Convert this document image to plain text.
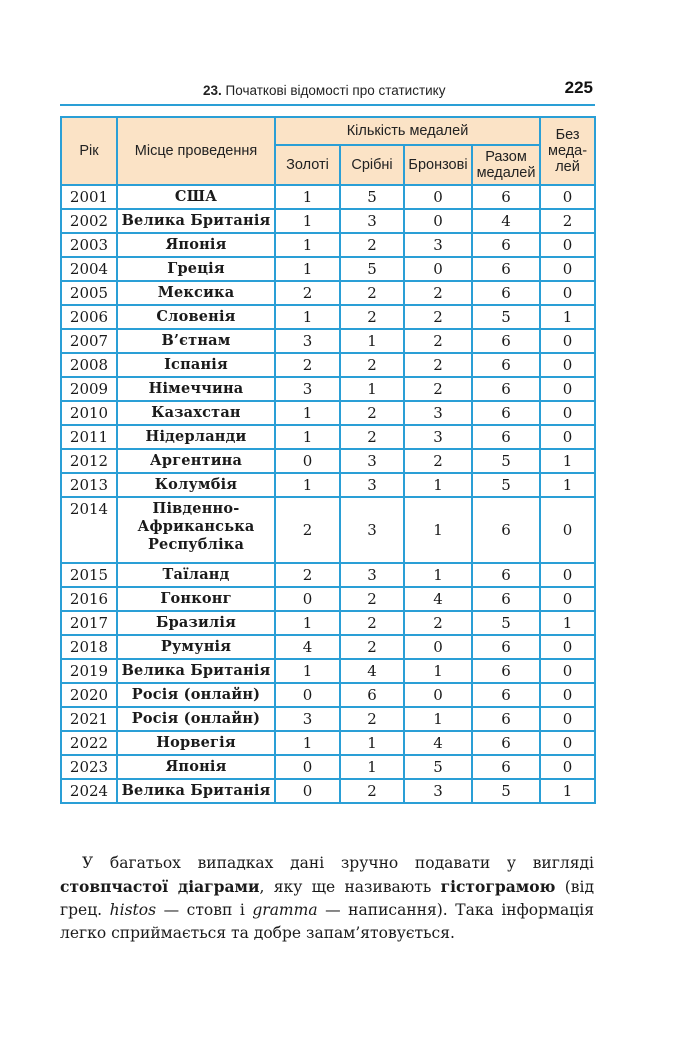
23. Початкові відомості про статистику	225
Рік	Місце проведення	Кількість медалей				Без
меда-
лей
		Золоті	Срібні	Бронзові	Разом
медалей	
2001	США	1	5	0	6	0
2002	Велика Британія	1	3	0	4	2
2003	Японія	1	2	3	6	0
2004	Греція	1	5	0	6	0
2005	Мексика	2	2	2	6	0
2006	Словенія	1	2	2	5	1
2007	В’єтнам	3	1	2	6	0
2008	Іспанія	2	2	2	6	0
2009	Німеччина	3	1	2	6	0
2010	Казахстан	1	2	3	6	0
2011	Нідерланди	1	2	3	6	0
2012	Аргентина	0	3	2	5	1
2013	Колумбія	1	3	1	5	1
2014	Південно-
Африканська
Республіка	2	3	1	6	0
2015	Таїланд	2	3	1	6	0
2016	Гонконг	0	2	4	6	0
2017	Бразилія	1	2	2	5	1
2018	Румунія	4	2	0	6	0
2019	Велика Британія	1	4	1	6	0
2020	Росія (онлайн)	0	6	0	6	0
2021	Росія (онлайн)	3	2	1	6	0
2022	Норвегія	1	1	4	6	0
2023	Японія	0	1	5	6	0
2024	Велика Британія	0	2	3	5	1
У багатьох випадках дані зручно подавати у вигляді стовпчастої діаграми, яку ще називають гістограмою (від грец. histos — стовп і gramma — написання). Така інформація легко сприймається та добре запам’ятовується.
